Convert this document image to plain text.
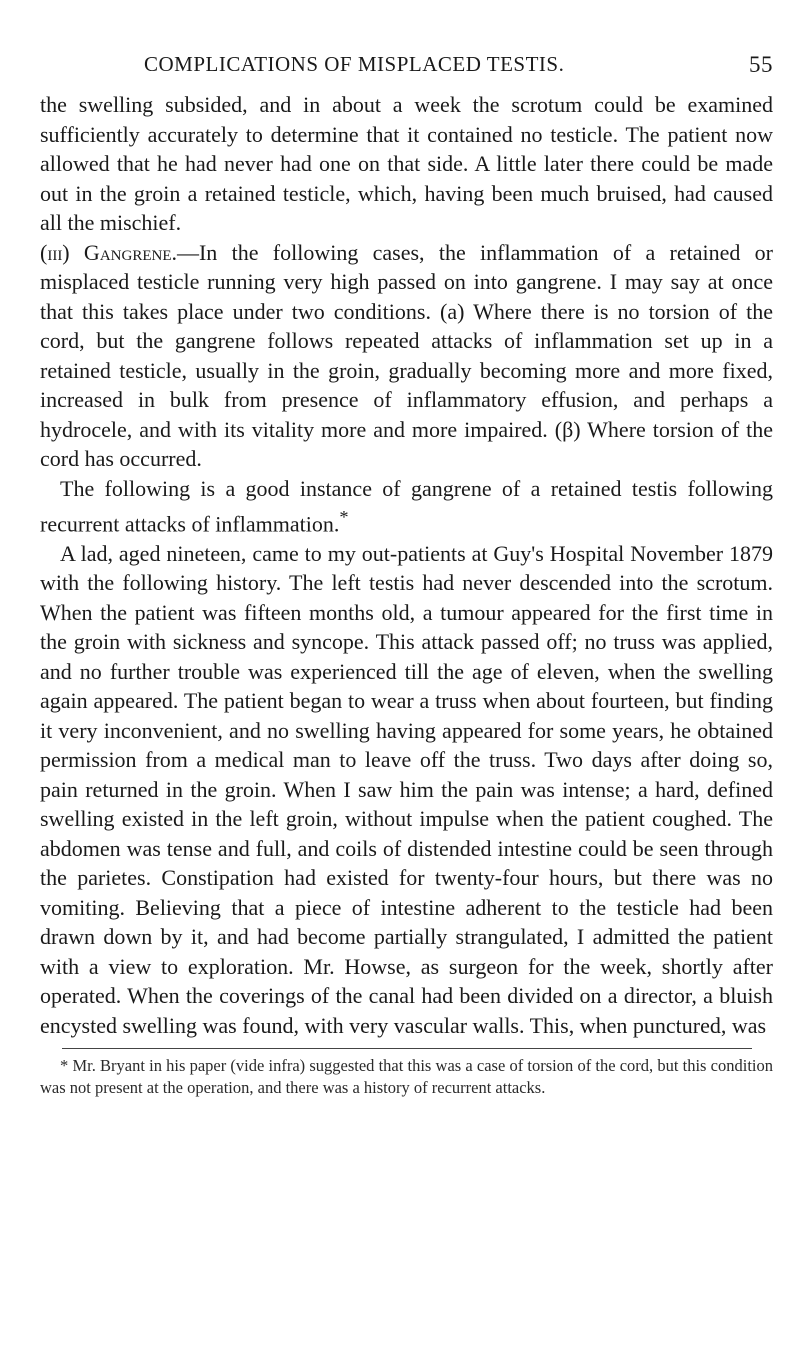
COMPLICATIONS OF MISPLACED TESTIS.	55

the swelling subsided, and in about a week the scrotum could be examined sufficiently accurately to determine that it contained no testicle. The patient now allowed that he had never had one on that side. A little later there could be made out in the groin a retained testicle, which, having been much bruised, had caused all the mischief.

(iii) Gangrene.—In the following cases, the inflammation of a retained or misplaced testicle running very high passed on into gangrene. I may say at once that this takes place under two conditions. (a) Where there is no torsion of the cord, but the gangrene follows repeated attacks of inflammation set up in a retained testicle, usually in the groin, gradually becoming more and more fixed, increased in bulk from presence of inflammatory effusion, and perhaps a hydrocele, and with its vitality more and more impaired. (β) Where torsion of the cord has occurred.

The following is a good instance of gangrene of a retained testis following recurrent attacks of inflammation.*

A lad, aged nineteen, came to my out-patients at Guy's Hospital November 1879 with the following history. The left testis had never descended into the scrotum. When the patient was fifteen months old, a tumour appeared for the first time in the groin with sickness and syncope. This attack passed off; no truss was applied, and no further trouble was experienced till the age of eleven, when the swelling again appeared. The patient began to wear a truss when about fourteen, but finding it very inconvenient, and no swelling having appeared for some years, he obtained permission from a medical man to leave off the truss. Two days after doing so, pain returned in the groin. When I saw him the pain was intense; a hard, defined swelling existed in the left groin, without impulse when the patient coughed. The abdomen was tense and full, and coils of distended intestine could be seen through the parietes. Constipation had existed for twenty-four hours, but there was no vomiting. Believing that a piece of intestine adherent to the testicle had been drawn down by it, and had become partially strangulated, I admitted the patient with a view to exploration. Mr. Howse, as surgeon for the week, shortly after operated. When the coverings of the canal had been divided on a director, a bluish encysted swelling was found, with very vascular walls. This, when punctured, was

* Mr. Bryant in his paper (vide infra) suggested that this was a case of torsion of the cord, but this condition was not present at the operation, and there was a history of recurrent attacks.
